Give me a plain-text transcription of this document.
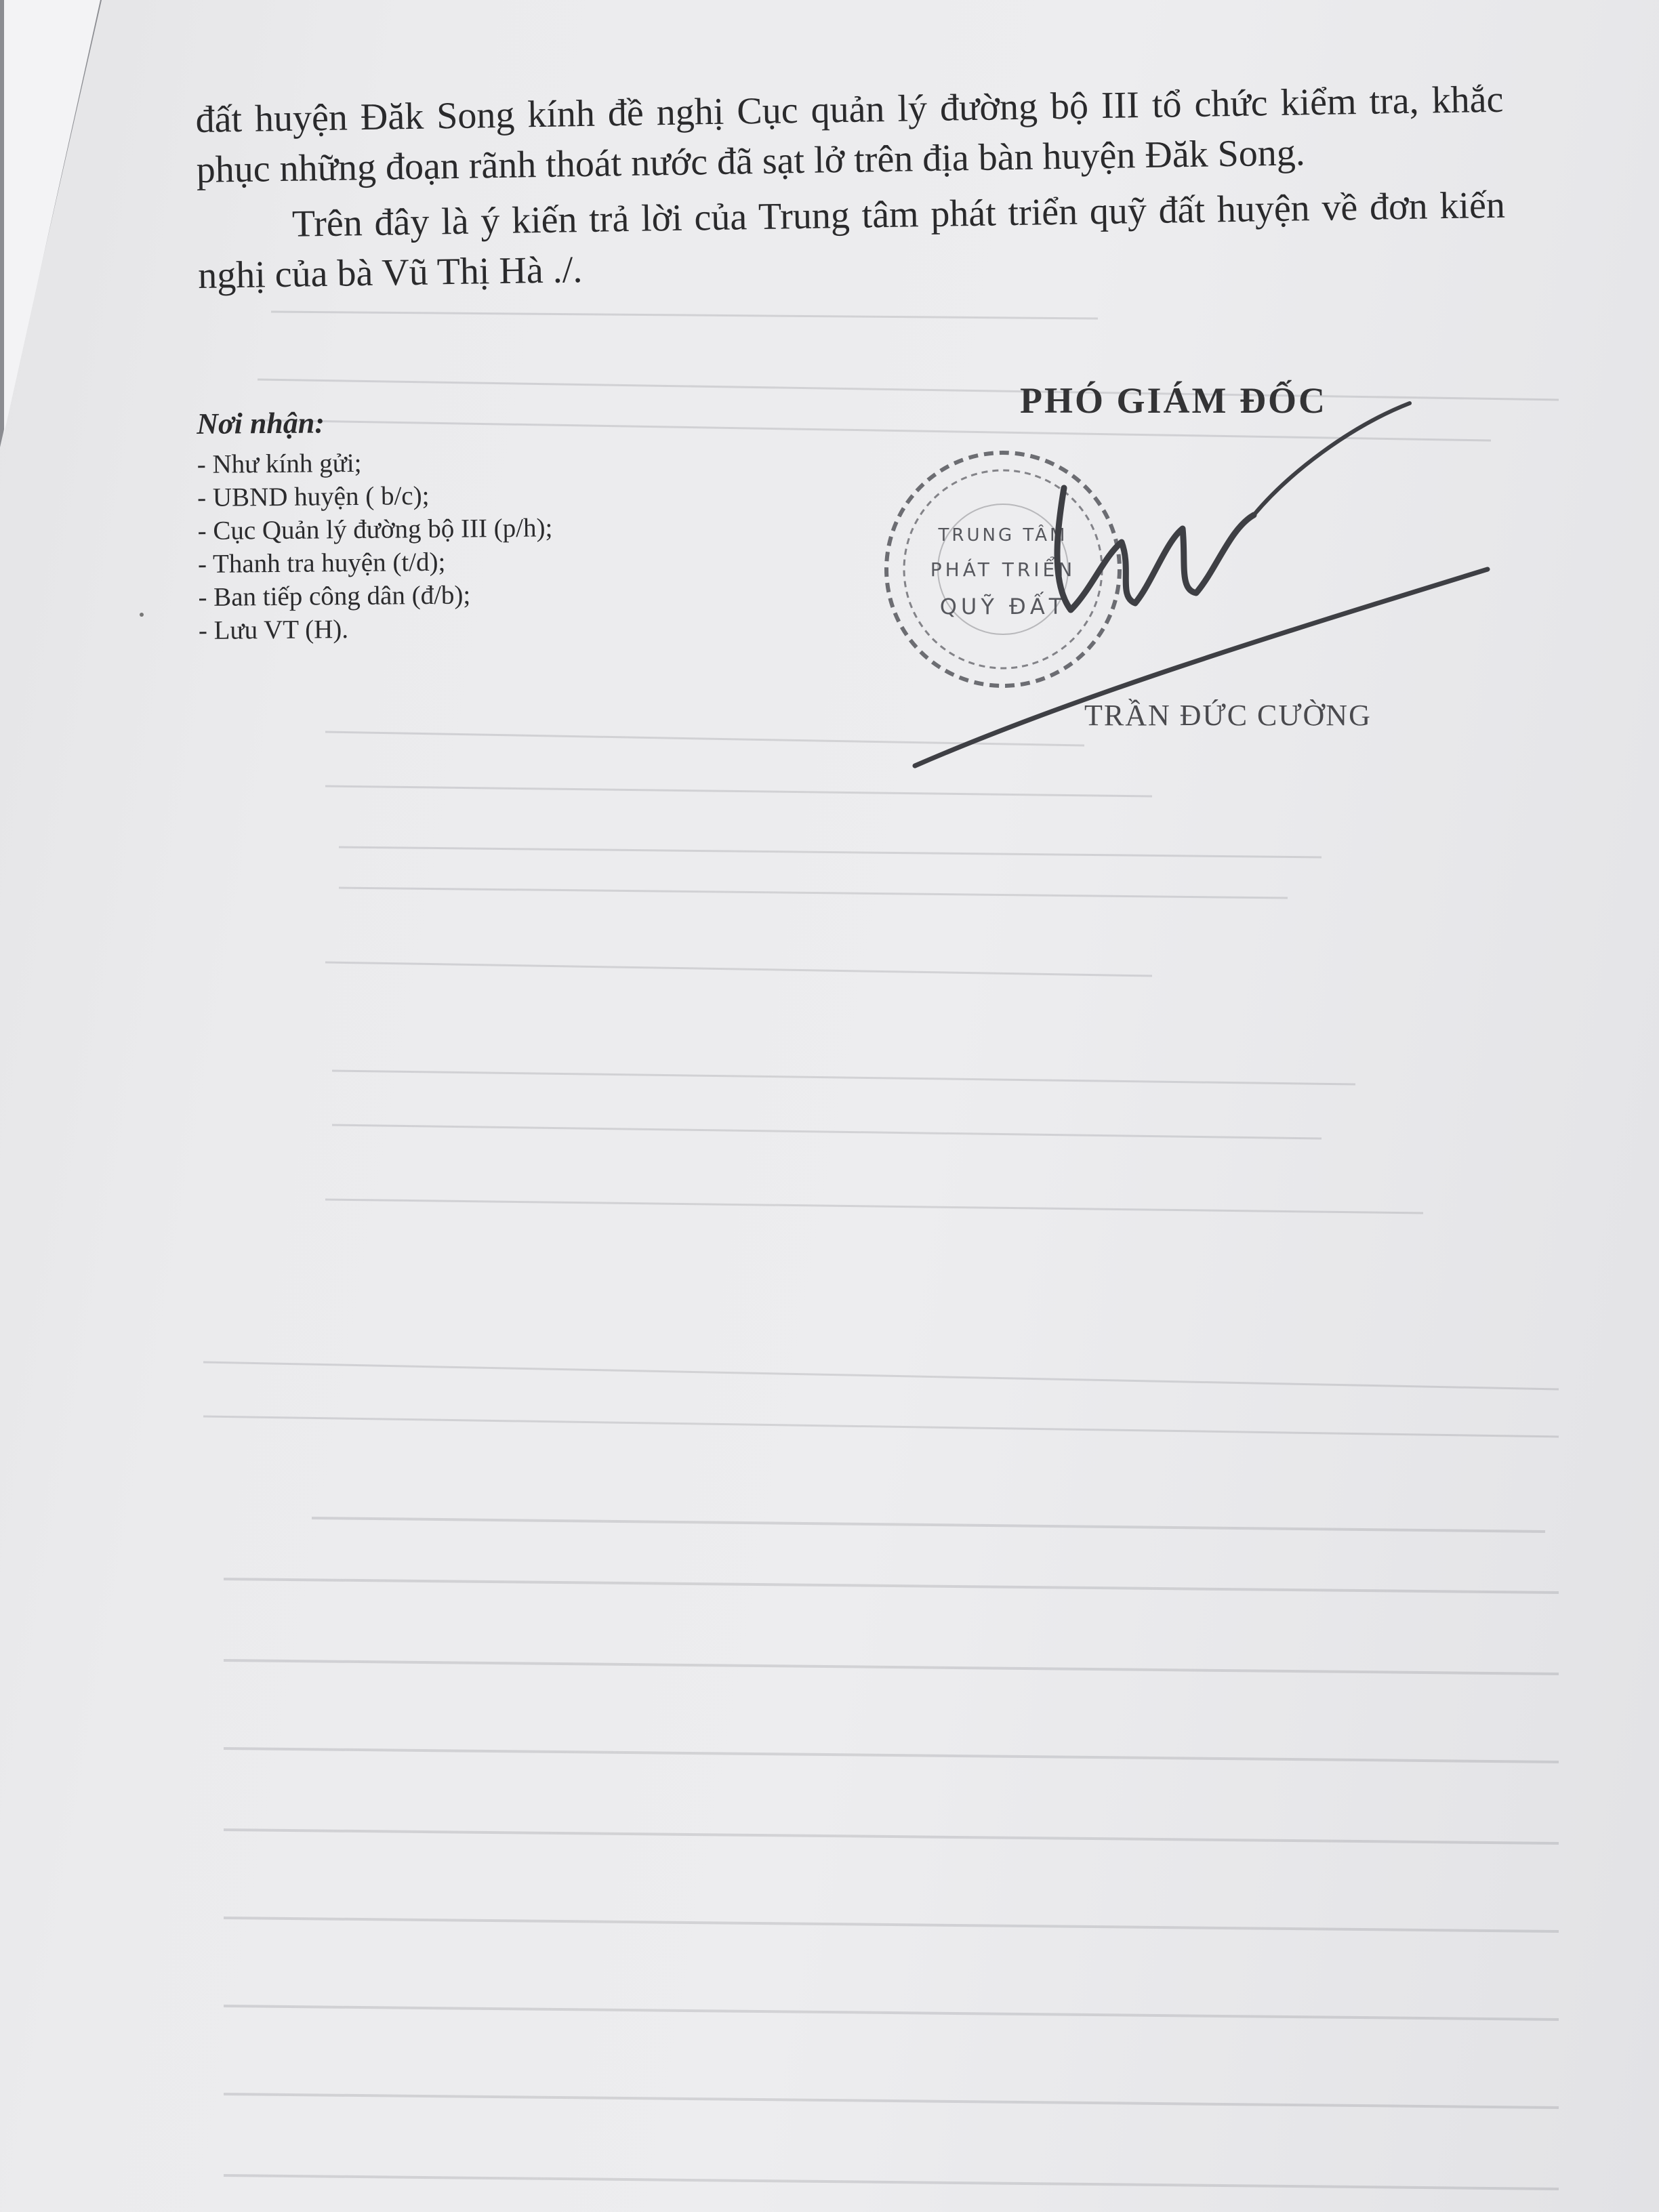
đất huyện Đăk Song kính đề nghị Cục quản lý đường bộ III tổ chức kiểm tra, khắc phục những đoạn rãnh thoát nước đã sạt lở trên địa bàn huyện Đăk Song.

Trên đây là ý kiến trả lời của Trung tâm phát triển quỹ đất huyện về đơn kiến nghị của bà Vũ Thị Hà ./.

Nơi nhận:

- Như kính gửi;
- UBND huyện ( b/c);
- Cục Quản lý đường bộ III (p/h);
- Thanh tra huyện (t/d);
- Ban tiếp công dân (đ/b);
- Lưu VT (H).
PHÓ GIÁM ĐỐC
TRUNG TÂM
PHÁT TRIỂN
QUỸ ĐẤT
TRẦN ĐỨC CƯỜNG
